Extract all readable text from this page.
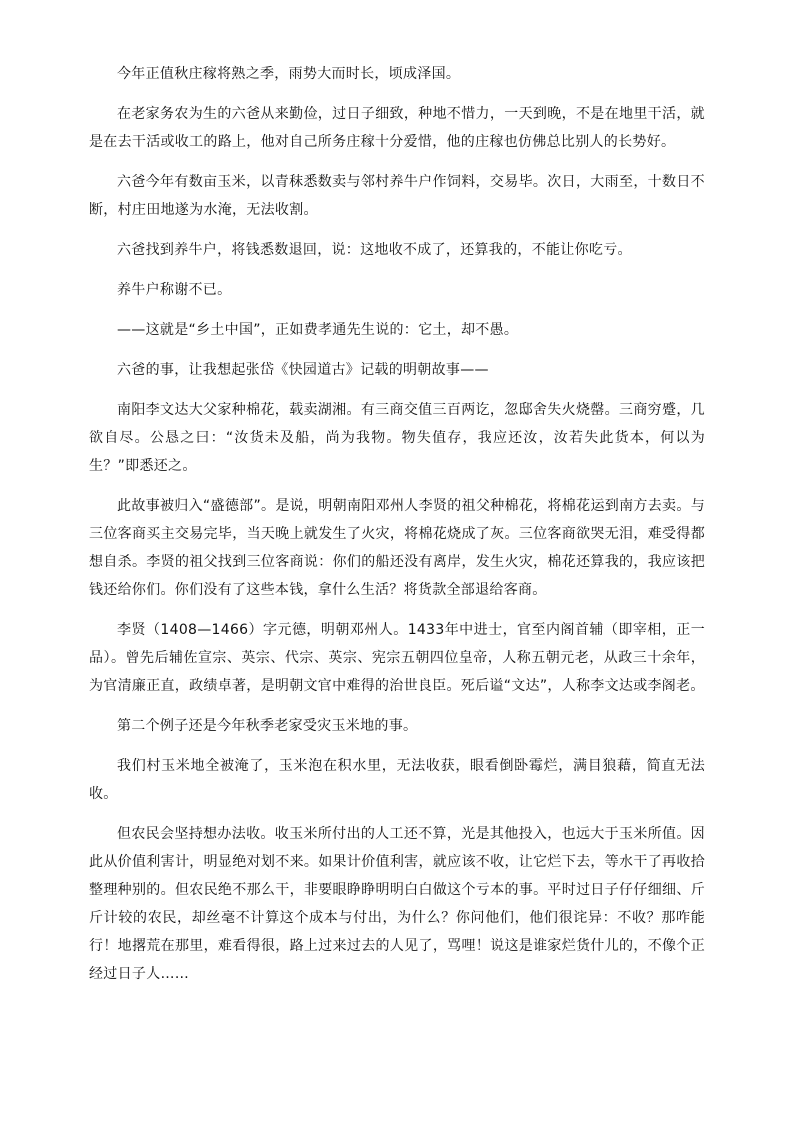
今年正值秋庄稼将熟之季，雨势大而时长，顷成泽国。

在老家务农为生的六爸从来勤俭，过日子细致，种地不惜力，一天到晚，不是在地里干活，就是在去干活或收工的路上，他对自己所务庄稼十分爱惜，他的庄稼也仿佛总比别人的长势好。

六爸今年有数亩玉米，以青秣悉数卖与邻村养牛户作饲料，交易毕。次日，大雨至，十数日不断，村庄田地遂为水淹，无法收割。

六爸找到养牛户，将钱悉数退回，说：这地收不成了，还算我的，不能让你吃亏。

养牛户称谢不已。

——这就是“乡土中国”，正如费孝通先生说的：它土，却不愚。

六爸的事，让我想起张岱《快园道古》记载的明朝故事——

南阳李文达大父家种棉花，载卖湖湘。有三商交值三百两讫，忽邸舍失火烧罄。三商穷蹙，几欲自尽。公恳之曰：“汝货未及船，尚为我物。物失值存，我应还汝，汝若失此货本，何以为生？”即悉还之。

此故事被归入“盛德部”。是说，明朝南阳邓州人李贤的祖父种棉花，将棉花运到南方去卖。与三位客商买主交易完毕，当天晚上就发生了火灾，将棉花烧成了灰。三位客商欲哭无泪，难受得都想自杀。李贤的祖父找到三位客商说：你们的船还没有离岸，发生火灾，棉花还算我的，我应该把钱还给你们。你们没有了这些本钱，拿什么生活？将货款全部退给客商。

李贤（1408—1466）字元德，明朝邓州人。1433年中进士，官至内阁首辅（即宰相，正一品）。曾先后辅佐宣宗、英宗、代宗、英宗、宪宗五朝四位皇帝，人称五朝元老，从政三十余年，为官清廉正直，政绩卓著，是明朝文官中难得的治世良臣。死后谥“文达”，人称李文达或李阁老。

第二个例子还是今年秋季老家受灾玉米地的事。

我们村玉米地全被淹了，玉米泡在积水里，无法收获，眼看倒卧霉烂，满目狼藉，简直无法收。

但农民会坚持想办法收。收玉米所付出的人工还不算，光是其他投入，也远大于玉米所值。因此从价值利害计，明显绝对划不来。如果计价值利害，就应该不收，让它烂下去，等水干了再收拾整理种别的。但农民绝不那么干，非要眼睁睁明明白白做这个亏本的事。平时过日子仔仔细细、斤斤计较的农民，却丝毫不计算这个成本与付出，为什么？你问他们，他们很诧异：不收？那咋能行！地撂荒在那里，难看得很，路上过来过去的人见了，骂哩！说这是谁家烂货什儿的，不像个正经过日子人……
